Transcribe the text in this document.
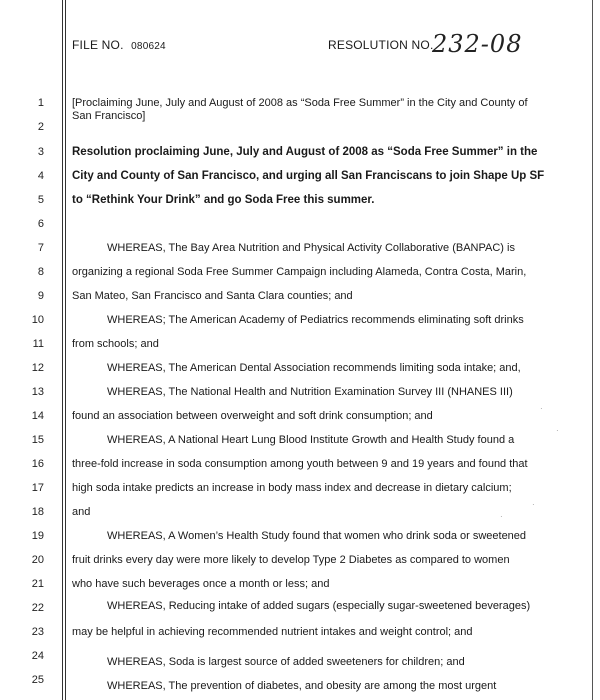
FILE NO. 080624	RESOLUTION NO.
232-08
1
2
3
4
5
6
7
8
9
10
11
12
13
14
15
16
17
18
19
20
21
22
23
24
25
[Proclaiming June, July and August of 2008 as “Soda Free Summer” in the City and County of
San Francisco]
Resolution proclaiming June, July and August of 2008 as “Soda Free Summer” in the
City and County of San Francisco, and urging all San Franciscans to join Shape Up SF
to “Rethink Your Drink” and go Soda Free this summer.
WHEREAS, The Bay Area Nutrition and Physical Activity Collaborative (BANPAC) is
organizing a regional Soda Free Summer Campaign including Alameda, Contra Costa, Marin,
San Mateo, San Francisco and Santa Clara counties; and
WHEREAS; The American Academy of Pediatrics recommends eliminating soft drinks
from schools; and
WHEREAS, The American Dental Association recommends limiting soda intake; and,
WHEREAS, The National Health and Nutrition Examination Survey III (NHANES III)
found an association between overweight and soft drink consumption; and
WHEREAS, A National Heart Lung Blood Institute Growth and Health Study found a
three-fold increase in soda consumption among youth between 9 and 19 years and found that
high soda intake predicts an increase in body mass index and decrease in dietary calcium;
and
WHEREAS, A Women’s Health Study found that women who drink soda or sweetened
fruit drinks every day were more likely to develop Type 2 Diabetes as compared to women
who have such beverages once a month or less; and
WHEREAS, Reducing intake of added sugars (especially sugar-sweetened beverages)
may be helpful in achieving recommended nutrient intakes and weight control; and
WHEREAS, Soda is largest source of added sweeteners for children; and
WHEREAS, The prevention of diabetes, and obesity are among the most urgent
·
·
·
·
